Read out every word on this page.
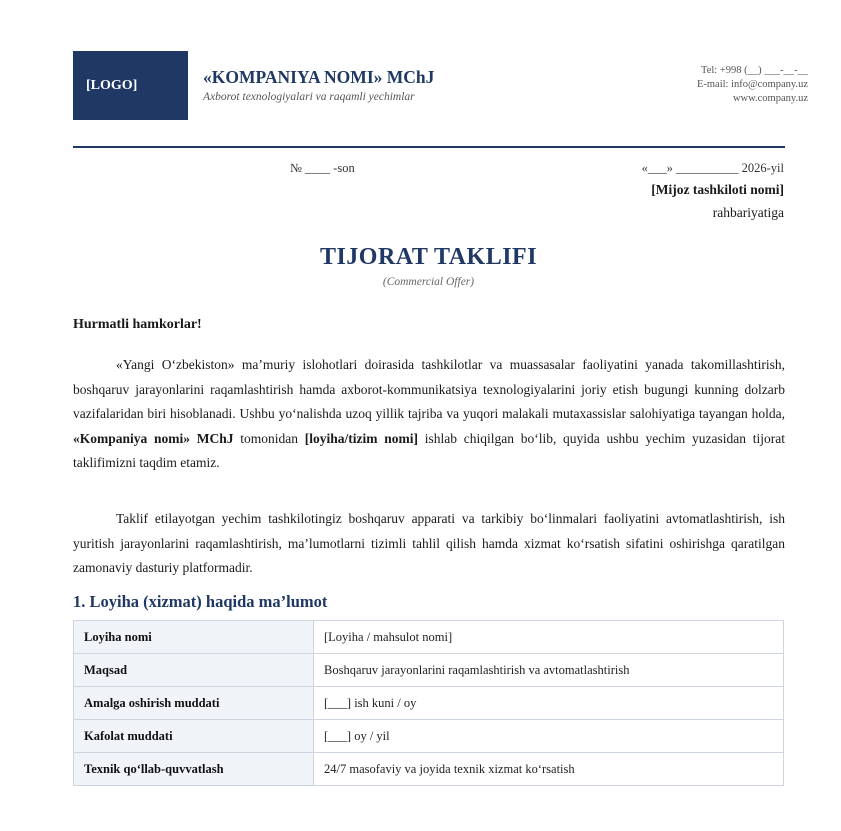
[LOGO]	«KOMPANIYA NOMI» MChJ
Axborot texnologiyalari va raqamli yechimlar
Tel: +998 (__) ___-__-__
E-mail: info@company.uz
www.company.uz
№ ____ -son	«___» __________ 2026-yil
[Mijoz tashkiloti nomi]
rahbariyatiga
TIJORAT TAKLIFI
(Commercial Offer)
Hurmatli hamkorlar!

«Yangi O‘zbekiston» ma’muriy islohotlari doirasida tashkilotlar va muassasalar faoliyatini yanada takomillashtirish, boshqaruv jarayonlarini raqamlashtirish hamda axborot-kommunikatsiya texnologiyalarini joriy etish bugungi kunning dolzarb vazifalaridan biri hisoblanadi. Ushbu yo‘nalishda uzoq yillik tajriba va yuqori malakali mutaxassislar salohiyatiga tayangan holda, «Kompaniya nomi» MChJ tomonidan [loyiha/tizim nomi] ishlab chiqilgan bo‘lib, quyida ushbu yechim yuzasidan tijorat taklifimizni taqdim etamiz.

Taklif etilayotgan yechim tashkilotingiz boshqaruv apparati va tarkibiy bo‘linmalari faoliyatini avtomatlashtirish, ish yuritish jarayonlarini raqamlashtirish, ma’lumotlarni tizimli tahlil qilish hamda xizmat ko‘rsatish sifatini oshirishga qaratilgan zamonaviy dasturiy platformadir.

1. Loyiha (xizmat) haqida ma’lumot
Loyiha nomi	[Loyiha / mahsulot nomi]
Maqsad	Boshqaruv jarayonlarini raqamlashtirish va avtomatlashtirish
Amalga oshirish muddati	[___] ish kuni / oy
Kafolat muddati	[___] oy / yil
Texnik qo‘llab-quvvatlash	24/7 masofaviy va joyida texnik xizmat ko‘rsatish
